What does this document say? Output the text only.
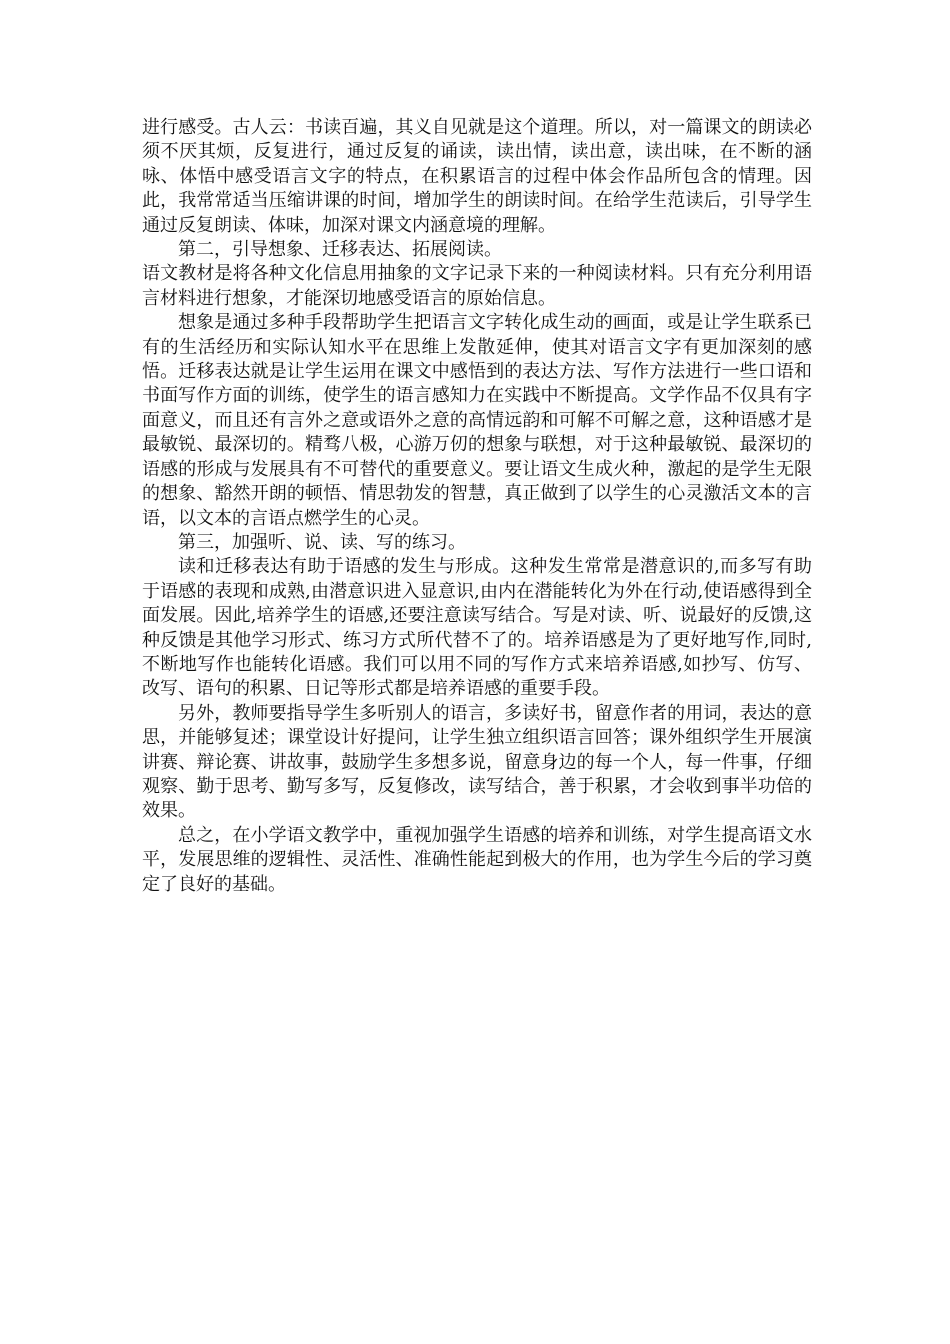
进行感受。古人云：书读百遍，其义自见就是这个道理。所以，对一篇课文的朗读必须不厌其烦，反复进行，通过反复的诵读，读出情，读出意，读出味，在不断的涵咏、体悟中感受语言文字的特点，在积累语言的过程中体会作品所包含的情理。因此，我常常适当压缩讲课的时间，增加学生的朗读时间。在给学生范读后，引导学生通过反复朗读、体味，加深对课文内涵意境的理解。

第二，引导想象、迁移表达、拓展阅读。

语文教材是将各种文化信息用抽象的文字记录下来的一种阅读材料。只有充分利用语言材料进行想象，才能深切地感受语言的原始信息。

想象是通过多种手段帮助学生把语言文字转化成生动的画面，或是让学生联系已有的生活经历和实际认知水平在思维上发散延伸，使其对语言文字有更加深刻的感悟。迁移表达就是让学生运用在课文中感悟到的表达方法、写作方法进行一些口语和书面写作方面的训练，使学生的语言感知力在实践中不断提高。文学作品不仅具有字面意义，而且还有言外之意或语外之意的高情远韵和可解不可解之意，这种语感才是最敏锐、最深切的。精骛八极，心游万仞的想象与联想，对于这种最敏锐、最深切的语感的形成与发展具有不可替代的重要意义。要让语文生成火种，激起的是学生无限的想象、豁然开朗的顿悟、情思勃发的智慧，真正做到了以学生的心灵激活文本的言语，以文本的言语点燃学生的心灵。

第三，加强听、说、读、写的练习。

读和迁移表达有助于语感的发生与形成。这种发生常常是潜意识的,而多写有助于语感的表现和成熟,由潜意识进入显意识,由内在潜能转化为外在行动,使语感得到全面发展。因此,培养学生的语感,还要注意读写结合。写是对读、听、说最好的反馈,这种反馈是其他学习形式、练习方式所代替不了的。培养语感是为了更好地写作,同时,不断地写作也能转化语感。我们可以用不同的写作方式来培养语感,如抄写、仿写、改写、语句的积累、日记等形式都是培养语感的重要手段。

另外，教师要指导学生多听别人的语言，多读好书，留意作者的用词，表达的意思，并能够复述；课堂设计好提问，让学生独立组织语言回答；课外组织学生开展演讲赛、辩论赛、讲故事，鼓励学生多想多说，留意身边的每一个人，每一件事，仔细观察、勤于思考、勤写多写，反复修改，读写结合，善于积累，才会收到事半功倍的效果。

总之，在小学语文教学中，重视加强学生语感的培养和训练，对学生提高语文水平，发展思维的逻辑性、灵活性、准确性能起到极大的作用，也为学生今后的学习奠定了良好的基础。
